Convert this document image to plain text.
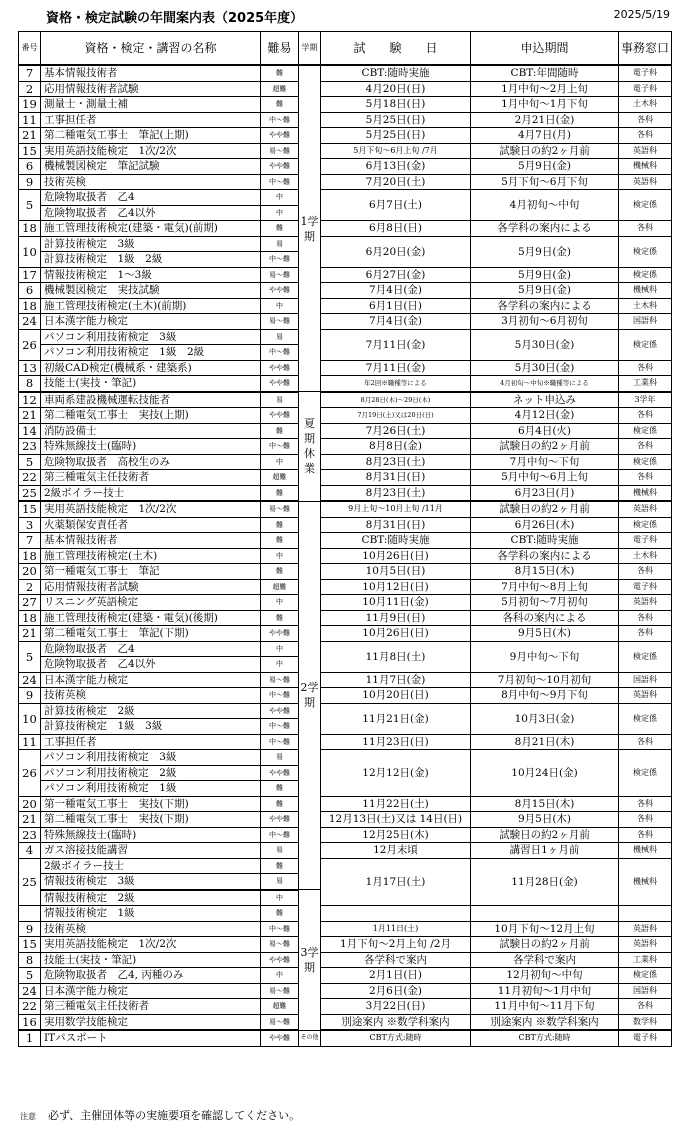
資格・検定試験の年間案内表（2025年度）	2025/5/19
番号	資格・検定・講習の名称	難易	学期	試　　験　　日	申込期間	事務窓口
7	基本情報技術者	難	1学期	CBT:随時実施	CBT:年間随時	電子科
2	応用情報技術者試験	超難		4月20日(日)	1月中旬～2月上旬	電子科
19	測量士・測量士補	難		5月18日(日)	1月中旬～1月下旬	土木科
11	工事担任者	中～難		5月25日(日)	2月21日(金)	各科
21	第二種電気工事士　筆記(上期)	やや難		5月25日(日)	4月7日(月)	各科
15	実用英語技能検定　1次/2次	易～難		5月下旬～6月上旬 /7月	試験日の約2ヶ月前	英語科
6	機械製図検定　筆記試験	やや難		6月13日(金)	5月9日(金)	機械科
9	技術英検	中～難		7月20日(土)	5月下旬～6月下旬	英語科
5	危険物取扱者　乙4	中		6月7日(土)	4月初旬～中旬	検定係
	危険物取扱者　乙4以外	中				
18	施工管理技術検定(建築・電気)(前期)	難		6月8日(日)	各学科の案内による	各科
10	計算技術検定　3級	易		6月20日(金)	5月9日(金)	検定係
	計算技術検定　1級　2級	中～難				
17	情報技術検定　1～3級	易～難		6月27日(金)	5月9日(金)	検定係
6	機械製図検定　実技試験	やや難		7月4日(金)	5月9日(金)	機械科
18	施工管理技術検定(土木)(前期)	中		6月1日(日)	各学科の案内による	土木科
24	日本漢字能力検定	易～難		7月4日(金)	3月初旬～6月初旬	国語科
26	パソコン利用技術検定　3級	易		7月11日(金)	5月30日(金)	検定係
	パソコン利用技術検定　1級　2級	中～難				
13	初級CAD検定(機械系・建築系)	やや難		7月11日(金)	5月30日(金)	各科
8	技能士(実技・筆記)	やや難		年2回※職種等による	4月初旬～中旬※職種等による	工業科
12	車両系建設機械運転技能者	易	夏期休業	8月28日(木)～29日(木)	ネット申込み	3学年
21	第二種電気工事士　実技(上期)	やや難		7月19日(土)又は20日(日)	4月12日(金)	各科
14	消防設備士	難		7月26日(土)	6月4日(火)	検定係
23	特殊無線技士(臨時)	中～難		8月8日(金)	試験日の約2ヶ月前	各科
5	危険物取扱者　高校生のみ	中		8月23日(土)	7月中旬～下旬	検定係
22	第三種電気主任技術者	超難		8月31日(日)	5月中旬～6月上旬	各科
25	2級ボイラー技士	難		8月23日(土)	6月23日(月)	機械科
15	実用英語技能検定　1次/2次	易～難	2学期	9月上旬～10月上旬 /11月	試験日の約2ヶ月前	英語科
3	火薬類保安責任者	難		8月31日(日)	6月26日(木)	検定係
7	基本情報技術者	難		CBT:随時実施	CBT:随時実施	電子科
18	施工管理技術検定(土木)	中		10月26日(日)	各学科の案内による	土木科
20	第一種電気工事士　筆記	難		10月5日(日)	8月15日(木)	各科
2	応用情報技術者試験	超難		10月12日(日)	7月中旬～8月上旬	電子科
27	リスニング英語検定	中		10月11日(金)	5月初旬～7月初旬	英語科
18	施工管理技術検定(建築・電気)(後期)	難		11月9日(日)	各科の案内による	各科
21	第二種電気工事士　筆記(下期)	やや難		10月26日(日)	9月5日(木)	各科
5	危険物取扱者　乙4	中		11月8日(土)	9月中旬～下旬	検定係
	危険物取扱者　乙4以外	中				
24	日本漢字能力検定	易～難		11月7日(金)	7月初旬～10月初旬	国語科
9	技術英検	中～難		10月20日(日)	8月中旬～9月下旬	英語科
10	計算技術検定　2級	やや難		11月21日(金)	10月3日(金)	検定係
	計算技術検定　1級　3級	中～難				
11	工事担任者	中～難		11月23日(日)	8月21日(木)	各科
26	パソコン利用技術検定　3級	易		12月12日(金)	10月24日(金)	検定係
	パソコン利用技術検定　2級	やや難				
	パソコン利用技術検定　1級	難				
20	第一種電気工事士　実技(下期)	難		11月22日(土)	8月15日(木)	各科
21	第二種電気工事士　実技(下期)	やや難		12月13日(土)又は 14日(日)	9月5日(木)	各科
23	特殊無線技士(臨時)	中～難		12月25日(木)	試験日の約2ヶ月前	各科
4	ガス溶接技能講習	易		12月末頃	講習日1ヶ月前	機械科
25	2級ボイラー技士	難		1月17日(土)	11月28日(金)	機械科
	情報技術検定　3級	易				
	情報技術検定　2級	中	3学期			
	情報技術検定　1級	難				
9	技術英検	中～難		1月11日(土)	10月下旬～12月上旬	英語科
15	実用英語技能検定　1次/2次	易～難		1月下旬～2月上旬 /2月	試験日の約2ヶ月前	英語科
8	技能士(実技・筆記)	やや難		各学科で案内	各学科で案内	工業科
5	危険物取扱者　乙4, 丙種のみ	中		2月1日(日)	12月初旬～中旬	検定係
24	日本漢字能力検定	易～難		2月6日(金)	11月初旬～1月中旬	国語科
22	第三種電気主任技術者	超難		3月22日(日)	11月中旬～11月下旬	各科
16	実用数学技能検定	易～難		別途案内 ※数学科案内	別途案内 ※数学科案内	数学科
1	ITパスポート	やや難	その他	CBT方式:随時	CBT方式:随時	電子科
注意 必ず、主催団体等の実施要項を確認してください。
